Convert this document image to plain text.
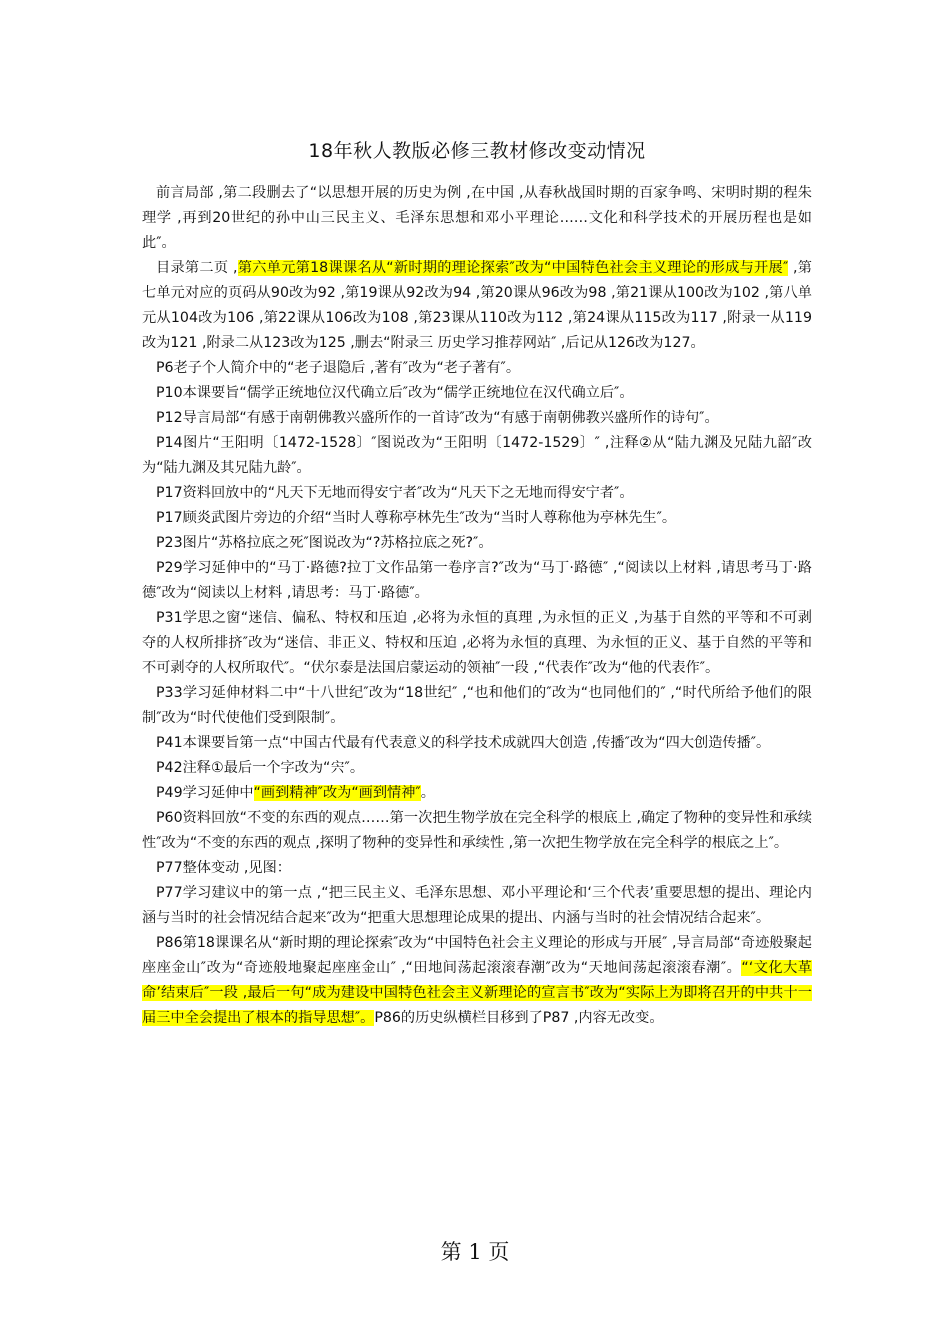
18年秋人教版必修三教材修改变动情况

前言局部 ,第二段删去了“以思想开展的历史为例 ,在中国 ,从春秋战国时期的百家争鸣、宋明时期的程朱理学 ,再到20世纪的孙中山三民主义、毛泽东思想和邓小平理论……文化和科学技术的开展历程也是如此″。

目录第二页 ,第六单元第18课课名从“新时期的理论探索″改为“中国特色社会主义理论的形成与开展″ ,第七单元对应的页码从90改为92 ,第19课从92改为94 ,第20课从96改为98 ,第21课从100改为102 ,第八单元从104改为106 ,第22课从106改为108 ,第23课从110改为112 ,第24课从115改为117 ,附录一从119改为121 ,附录二从123改为125 ,删去“附录三 历史学习推荐网站″ ,后记从126改为127。

P6老子个人简介中的“老子退隐后 ,著有″改为“老子著有″。

P10本课要旨“儒学正统地位汉代确立后″改为“儒学正统地位在汉代确立后″。

P12导言局部“有感于南朝佛教兴盛所作的一首诗″改为“有感于南朝佛教兴盛所作的诗句″。

P14图片“王阳明〔1472-1528〕″图说改为“王阳明〔1472-1529〕″ ,注释②从“陆九渊及兄陆九韶″改为“陆九渊及其兄陆九龄″。

P17资料回放中的“凡天下无地而得安宁者″改为“凡天下之无地而得安宁者″。

P17顾炎武图片旁边的介绍“当时人尊称亭林先生″改为“当时人尊称他为亭林先生″。

P23图片“苏格拉底之死″图说改为“?苏格拉底之死?″。

P29学习延伸中的“马丁·路德?拉丁文作品第一卷序言?″改为“马丁·路德″ ,“阅读以上材料 ,请思考马丁·路德″改为“阅读以上材料 ,请思考：马丁·路德″。

P31学思之窗“迷信、偏私、特权和压迫 ,必将为永恒的真理 ,为永恒的正义 ,为基于自然的平等和不可剥夺的人权所排挤″改为“迷信、非正义、特权和压迫 ,必将为永恒的真理、为永恒的正义、基于自然的平等和不可剥夺的人权所取代″。“伏尔泰是法国启蒙运动的领袖″一段 ,“代表作″改为“他的代表作″。

P33学习延伸材料二中“十八世纪″改为“18世纪″ ,“也和他们的″改为“也同他们的″ ,“时代所给予他们的限制″改为“时代使他们受到限制″。

P41本课要旨第一点“中国古代最有代表意义的科学技术成就四大创造 ,传播″改为“四大创造传播″。

P42注释①最后一个字改为“宍″。

P49学习延伸中“画到精神″改为“画到情神″。

P60资料回放“不变的东西的观点……第一次把生物学放在完全科学的根底上 ,确定了物种的变异性和承续性″改为“不变的东西的观点 ,探明了物种的变异性和承续性 ,第一次把生物学放在完全科学的根底之上″。

P77整体变动 ,见图：

P77学习建议中的第一点 ,“把三民主义、毛泽东思想、邓小平理论和‘三个代表’重要思想的提出、理论内涵与当时的社会情况结合起来″改为“把重大思想理论成果的提出、内涵与当时的社会情况结合起来″。

P86第18课课名从“新时期的理论探索″改为“中国特色社会主义理论的形成与开展″ ,导言局部“奇迹般聚起座座金山″改为“奇迹般地聚起座座金山″ ,“田地间荡起滚滚春潮″改为“天地间荡起滚滚春潮″。“‘文化大革命’结束后″一段 ,最后一句“成为建设中国特色社会主义新理论的宣言书″改为“实际上为即将召开的中共十一届三中全会提出了根本的指导思想″。P86的历史纵横栏目移到了P87 ,内容无改变。

第 1 页
